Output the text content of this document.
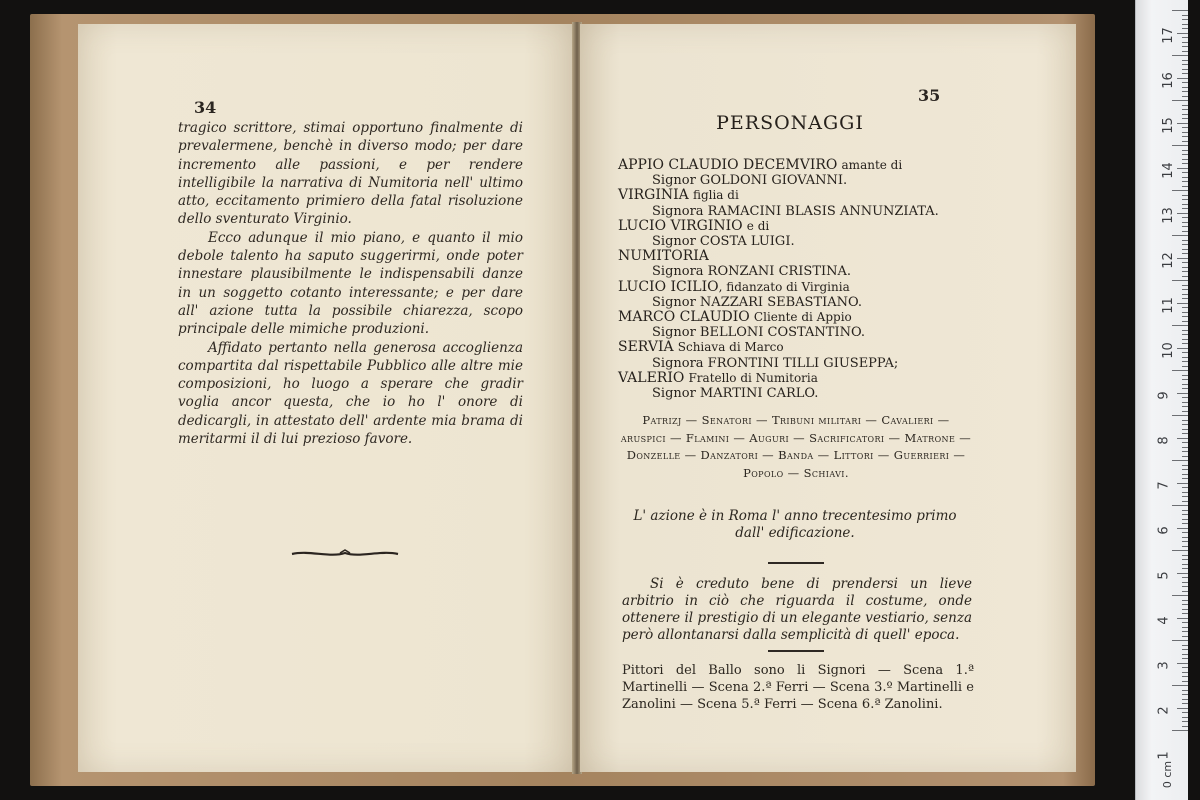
34

tragico scrittore, stimai opportuno finalmente di prevalermene, benchè in diverso modo; per dare incremento alle passioni, e per rendere intelligibile la narrativa di Numitoria nell' ultimo atto, eccitamento primiero della fatal risoluzione dello sventurato Virginio.

Ecco adunque il mio piano, e quanto il mio debole talento ha saputo suggerirmi, onde poter innestare plausibilmente le indispensabili danze in un soggetto cotanto interessante; e per dare all' azione tutta la possibile chiarezza, scopo principale delle mimiche produzioni.

Affidato pertanto nella generosa accoglienza compartita dal rispettabile Pubblico alle altre mie composizioni, ho luogo a sperare che gradir voglia ancor questa, che io ho l' onore di dedicargli, in attestato dell' ardente mia brama di meritarmi il di lui prezioso favore.

35
PERSONAGGI
APPIO CLAUDIO DECEMVIRO amante di
Signor GOLDONI GIOVANNI.
VIRGINIA figlia di
Signora RAMACINI BLASIS ANNUNZIATA.
LUCIO VIRGINIO e di
Signor COSTA LUIGI.
NUMITORIA
Signora RONZANI CRISTINA.
LUCIO ICILIO, fidanzato di Virginia
Signor NAZZARI SEBASTIANO.
MARCO CLAUDIO Cliente di Appio
Signor BELLONI COSTANTINO.
SERVIA Schiava di Marco
Signora FRONTINI TILLI GIUSEPPA;
VALERIO Fratello di Numitoria
Signor MARTINI CARLO.
Patrizj — Senatori — Tribuni militari — Cavalieri — aruspici — Flamini — Auguri — Sacrificatori — Matrone — Donzelle — Danzatori — Banda — Littori — Guerrieri — Popolo — Schiavi.
L' azione è in Roma l' anno trecentesimo primo dall' edificazione.

Si è creduto bene di prendersi un lieve arbitrio in ciò che riguarda il costume, onde ottenere il prestigio di un elegante vestiario, senza però allontanarsi dalla semplicità di quell' epoca.

Pittori del Ballo sono li Signori — Scena 1.ª Martinelli — Scena 2.ª Ferri — Scena 3.º Martinelli e Zanolini — Scena 5.ª Ferri — Scena 6.ª Zanolini.
17
16
15
14
13
12
11
10
9
8
7
6
5
4
3
2
1
0 cm
